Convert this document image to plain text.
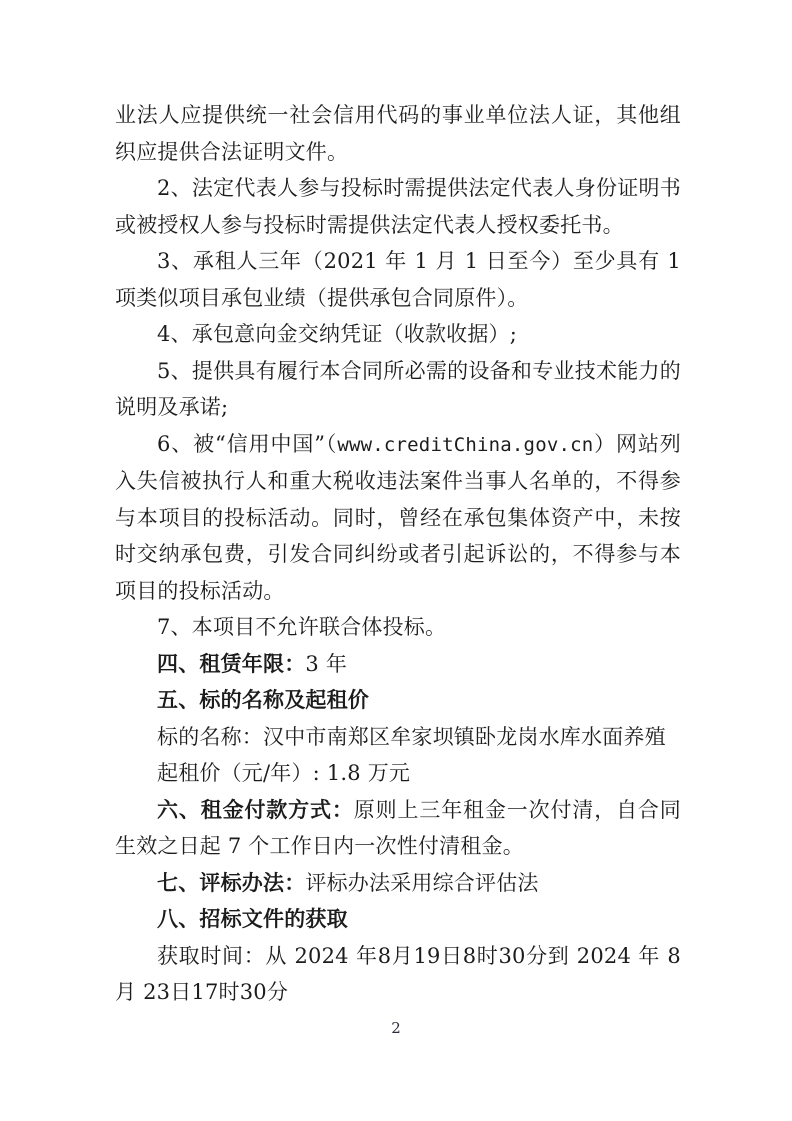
业法人应提供统一社会信用代码的事业单位法人证，其他组织应提供合法证明文件。

2、法定代表人参与投标时需提供法定代表人身份证明书或被授权人参与投标时需提供法定代表人授权委托书。

3、承租人三年（2021 年 1 月 1 日至今）至少具有 1 项类似项目承包业绩（提供承包合同原件）。

4、承包意向金交纳凭证（收款收据）;

5、提供具有履行本合同所必需的设备和专业技术能力的说明及承诺;

6、被“信用中国”（www.creditChina.gov.cn）网站列入失信被执行人和重大税收违法案件当事人名单的，不得参与本项目的投标活动。同时，曾经在承包集体资产中，未按时交纳承包费，引发合同纠纷或者引起诉讼的，不得参与本项目的投标活动。

7、本项目不允许联合体投标。

四、租赁年限：3 年

五、标的名称及起租价

标的名称：汉中市南郑区牟家坝镇卧龙岗水库水面养殖

起租价（元/年）: 1.8 万元

六、租金付款方式：原则上三年租金一次付清，自合同生效之日起 7 个工作日内一次性付清租金。

七、评标办法：评标办法采用综合评估法

八、招标文件的获取

获取时间：从 2024 年8月19日8时30分到 2024 年 8月 23日17时30分

2
